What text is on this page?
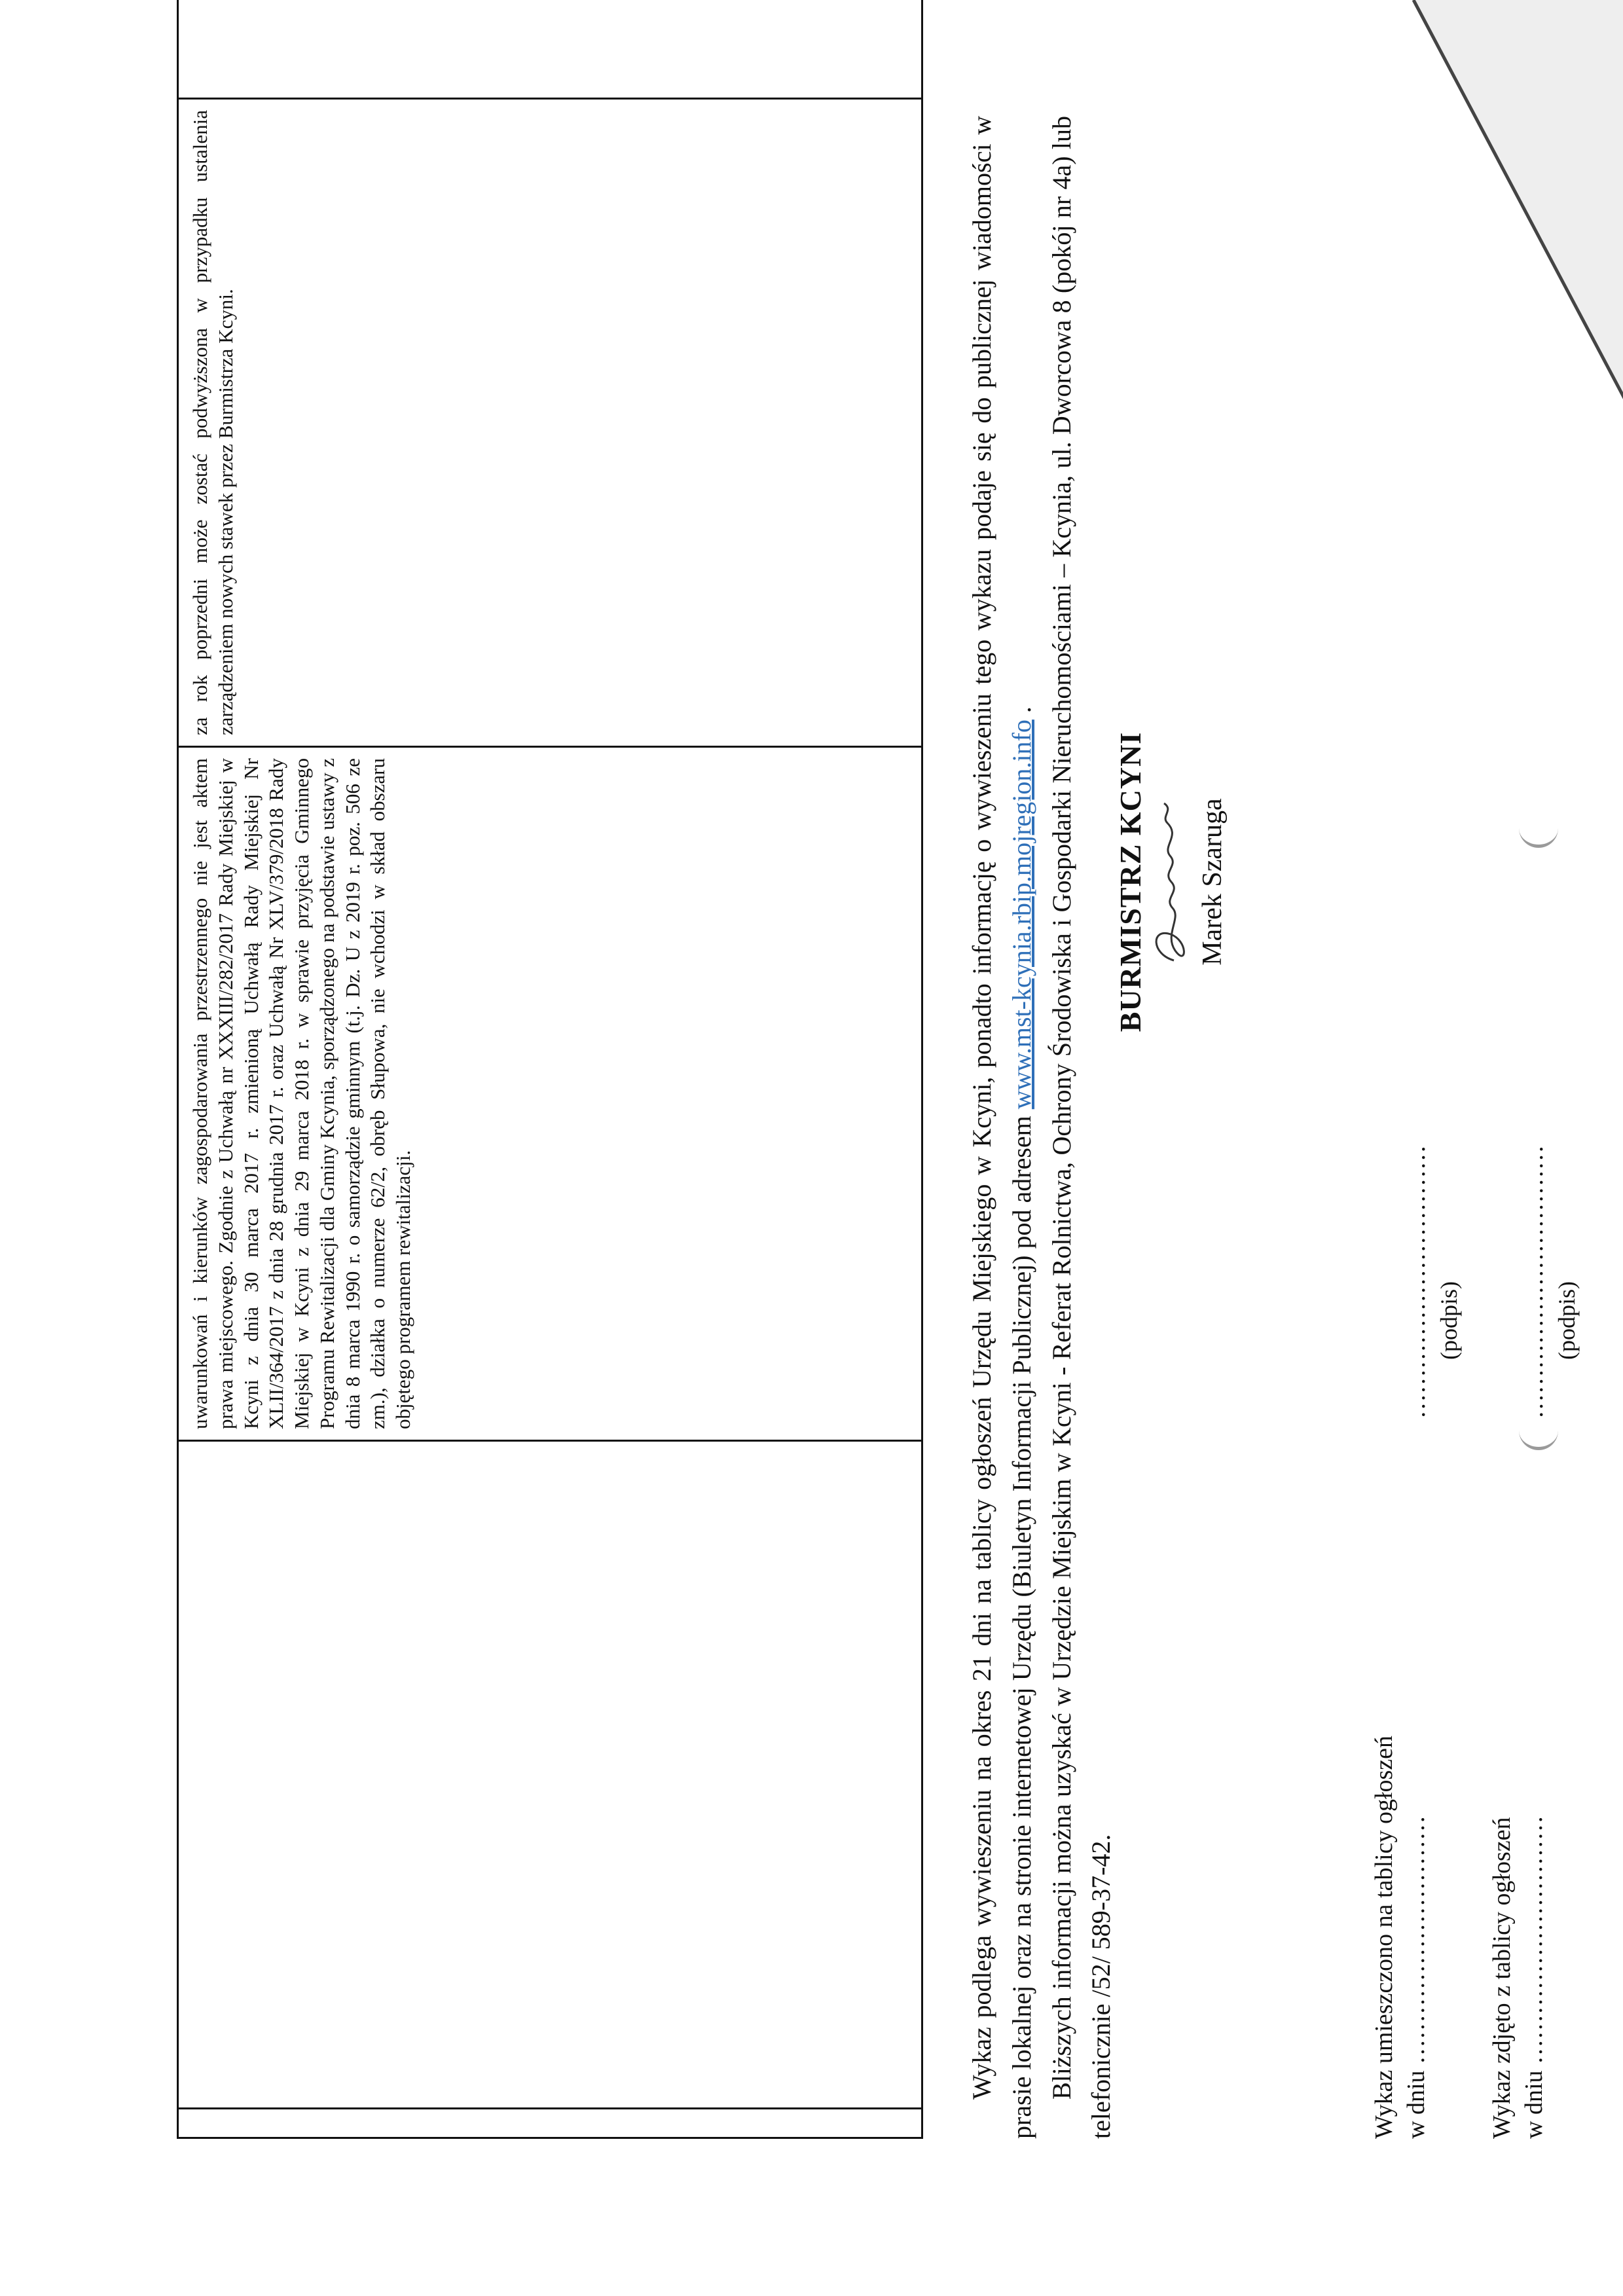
		uwarunkowań i kierunków zagospodarowania przestrzennego nie jest aktem prawa miejscowego. Zgodnie z Uchwałą nr XXXIII/282/2017 Rady Miejskiej w Kcyni z dnia 30 marca 2017 r. zmienioną Uchwałą Rady Miejskiej Nr XLII/364/2017 z dnia 28 grudnia 2017 r. oraz Uchwałą Nr XLV/379/2018 Rady Miejskiej w Kcyni z dnia 29 marca 2018 r. w sprawie przyjęcia Gminnego Programu Rewitalizacji dla Gminy Kcynia, sporządzonego na podstawie ustawy z dnia 8 marca 1990 r. o samorządzie gminnym (t.j. Dz. U z 2019 r. poz. 506 ze zm.), działka o numerze 62/2, obręb Słupowa, nie wchodzi w skład obszaru objętego programem rewitalizacji.	za rok poprzedni może zostać podwyższona w przypadku ustalenia zarządzeniem nowych stawek przez Burmistrza Kcyni.		Wykaz podlega wywieszeniu na okres 21 dni na tablicy ogłoszeń Urzędu Miejskiego w Kcyni, ponadto informację o wywieszeniu tego wykazu podaje się do publicznej wiadomości w prasie lokalnej oraz na stronie internetowej Urzędu (Biuletyn Informacji Publicznej) pod adresem www.mst-kcynia.rbip.mojregion.info . Bliższych informacji można uzyskać w Urzędzie Miejskim w Kcyni - Referat Rolnictwa, Ochrony Środowiska i Gospodarki Nieruchomościami – Kcynia, ul. Dworcowa 8 (pokój nr 4a) lub telefonicznie /52/ 589-37-42.

BURMISTRZ KCYNI Marek Szaruga
Wykaz umieszczono na tablicy ogłoszeń w dniu …………………………
…………………………… (podpis)
Wykaz zdjęto z tablicy ogłoszeń w dniu …………………………
…………………………… (podpis)
